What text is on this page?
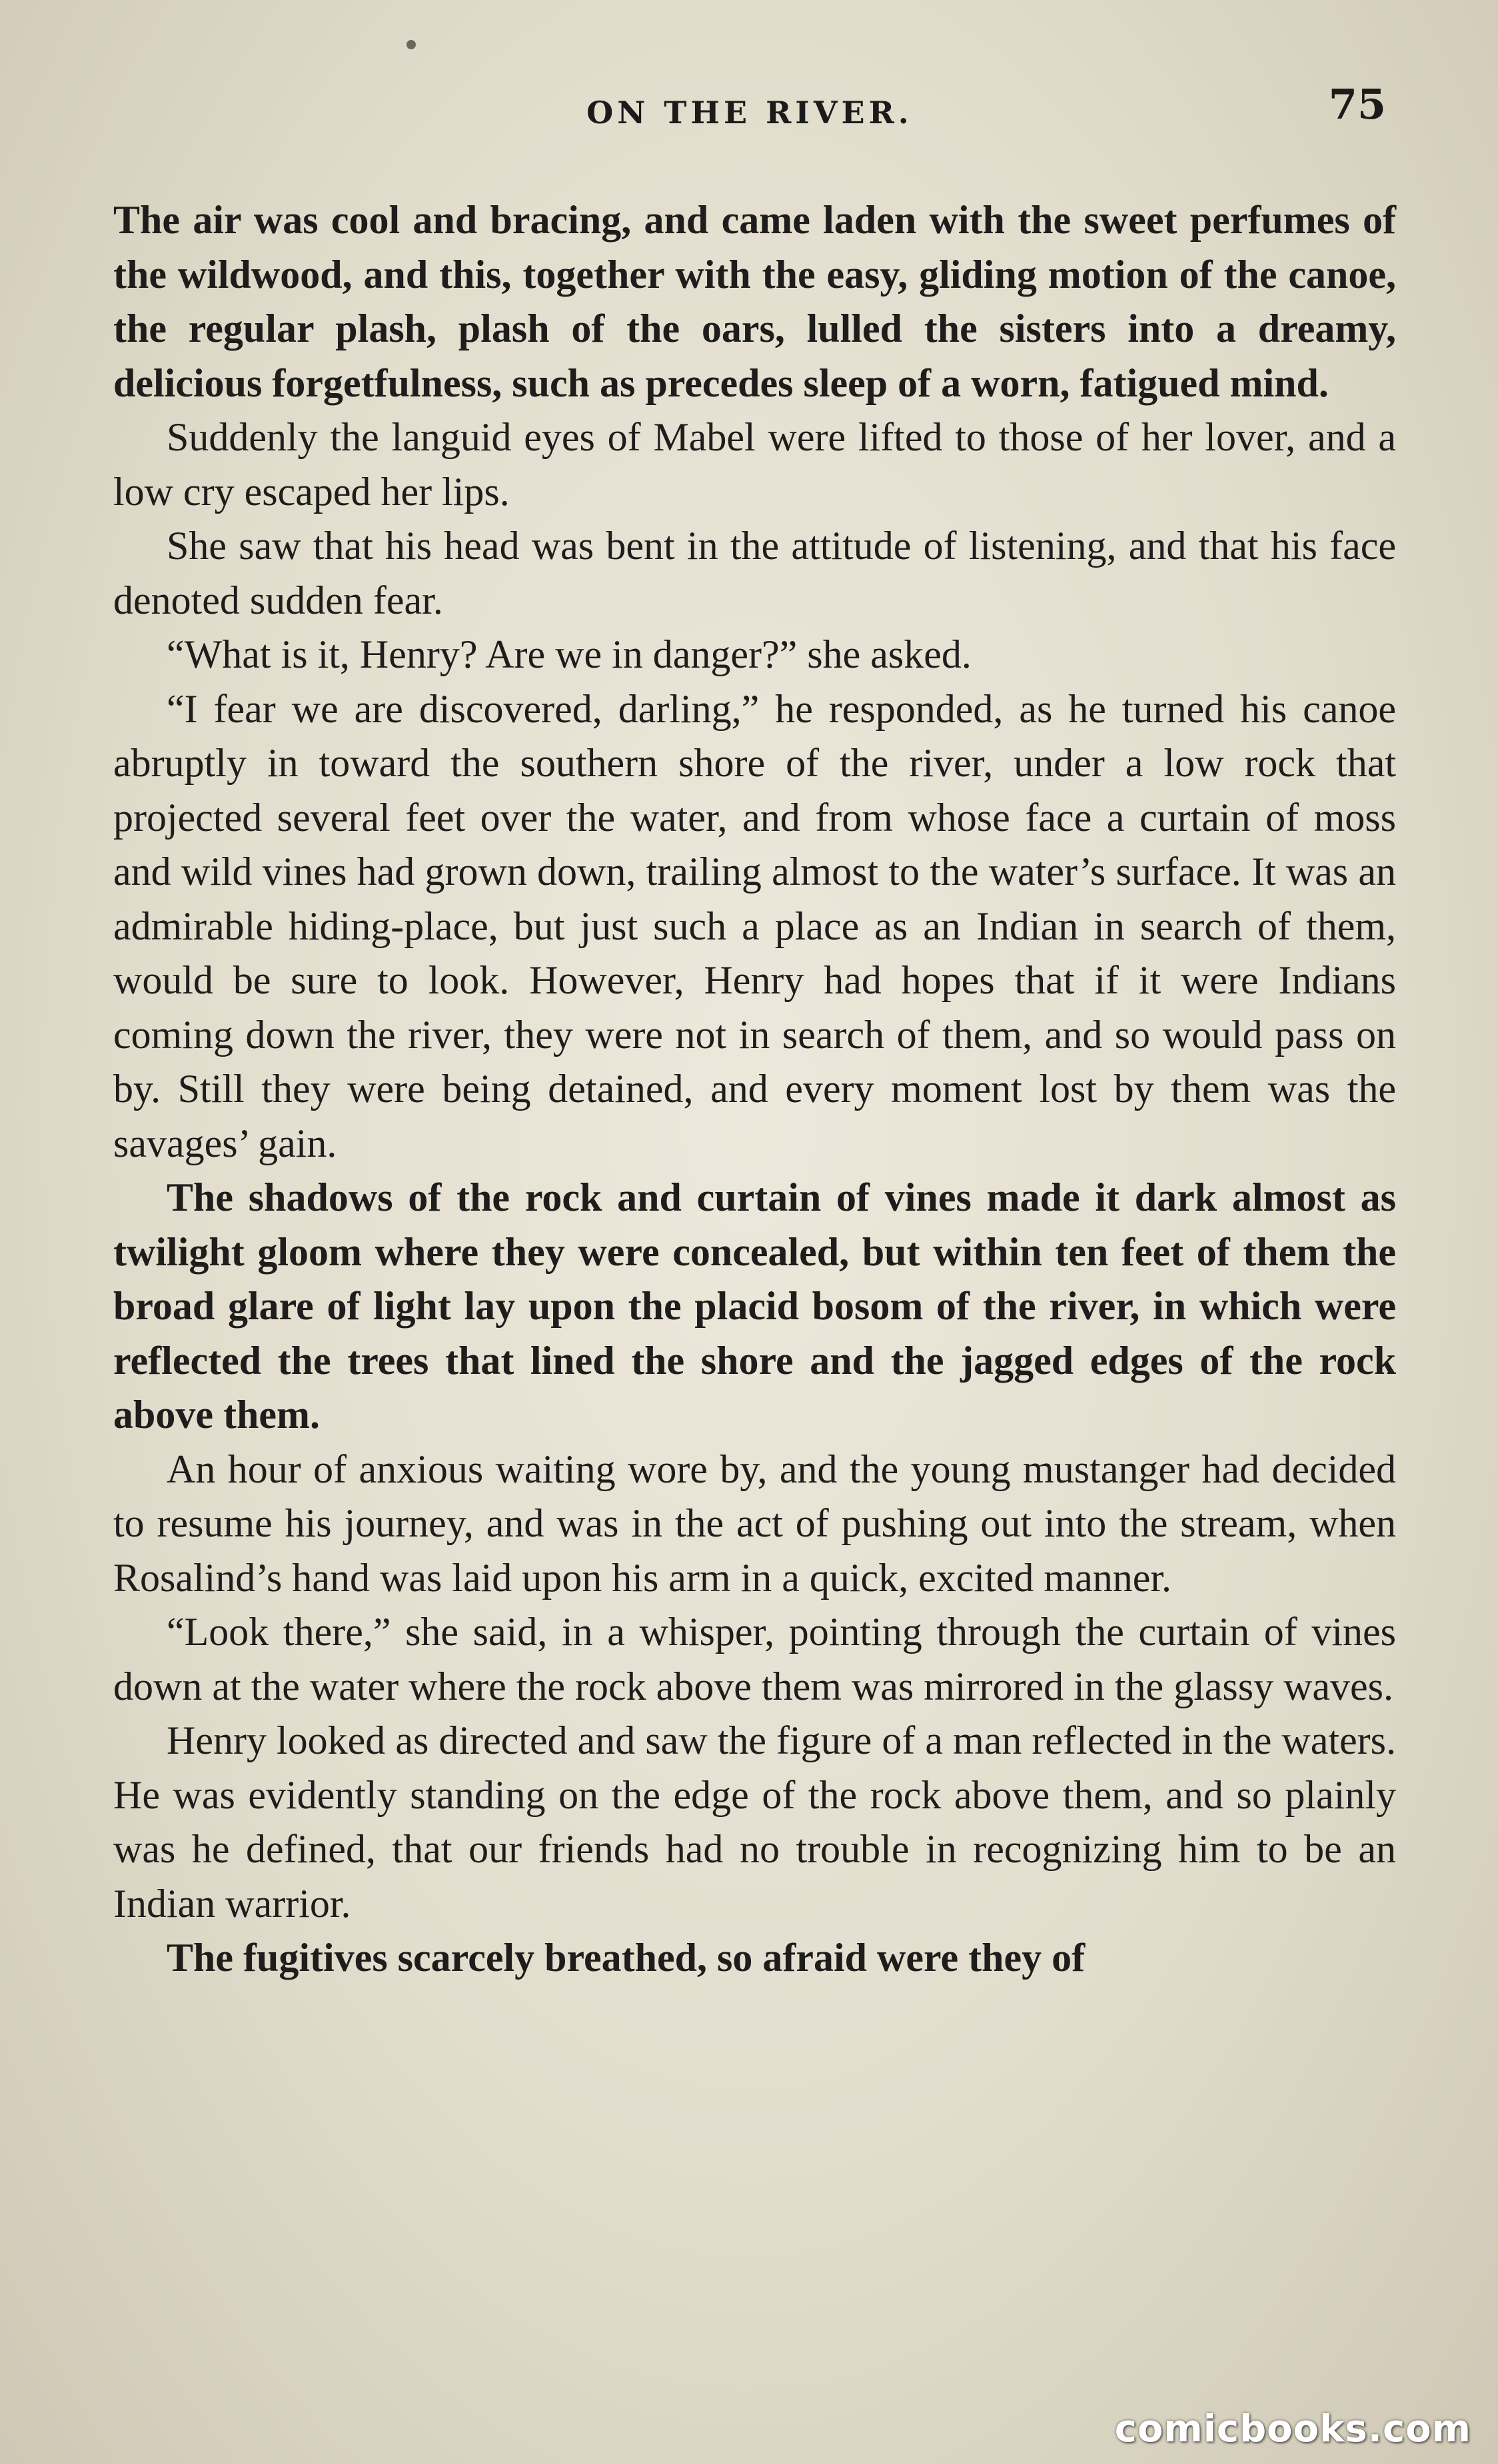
ON THE RIVER.	75

The air was cool and bracing, and came laden with the sweet perfumes of the wildwood, and this, together with the easy, gliding motion of the canoe, the regular plash, plash of the oars, lulled the sisters into a dreamy, delicious forgetfulness, such as precedes sleep of a worn, fatigued mind.

Suddenly the languid eyes of Mabel were lifted to those of her lover, and a low cry escaped her lips.

She saw that his head was bent in the attitude of listening, and that his face denoted sudden fear.

“What is it, Henry? Are we in danger?” she asked.

“I fear we are discovered, darling,” he responded, as he turned his canoe abruptly in toward the southern shore of the river, under a low rock that projected several feet over the water, and from whose face a curtain of moss and wild vines had grown down, trailing almost to the water’s surface. It was an admirable hiding-place, but just such a place as an Indian in search of them, would be sure to look. However, Henry had hopes that if it were Indians coming down the river, they were not in search of them, and so would pass on by. Still they were being detained, and every moment lost by them was the savages’ gain.

The shadows of the rock and curtain of vines made it dark almost as twilight gloom where they were concealed, but within ten feet of them the broad glare of light lay upon the placid bosom of the river, in which were reflected the trees that lined the shore and the jagged edges of the rock above them.

An hour of anxious waiting wore by, and the young mustanger had decided to resume his journey, and was in the act of pushing out into the stream, when Rosalind’s hand was laid upon his arm in a quick, excited manner.

“Look there,” she said, in a whisper, pointing through the curtain of vines down at the water where the rock above them was mirrored in the glassy waves.

Henry looked as directed and saw the figure of a man reflected in the waters. He was evidently standing on the edge of the rock above them, and so plainly was he defined, that our friends had no trouble in recognizing him to be an Indian warrior.

The fugitives scarcely breathed, so afraid were they of

comicbooks.com
